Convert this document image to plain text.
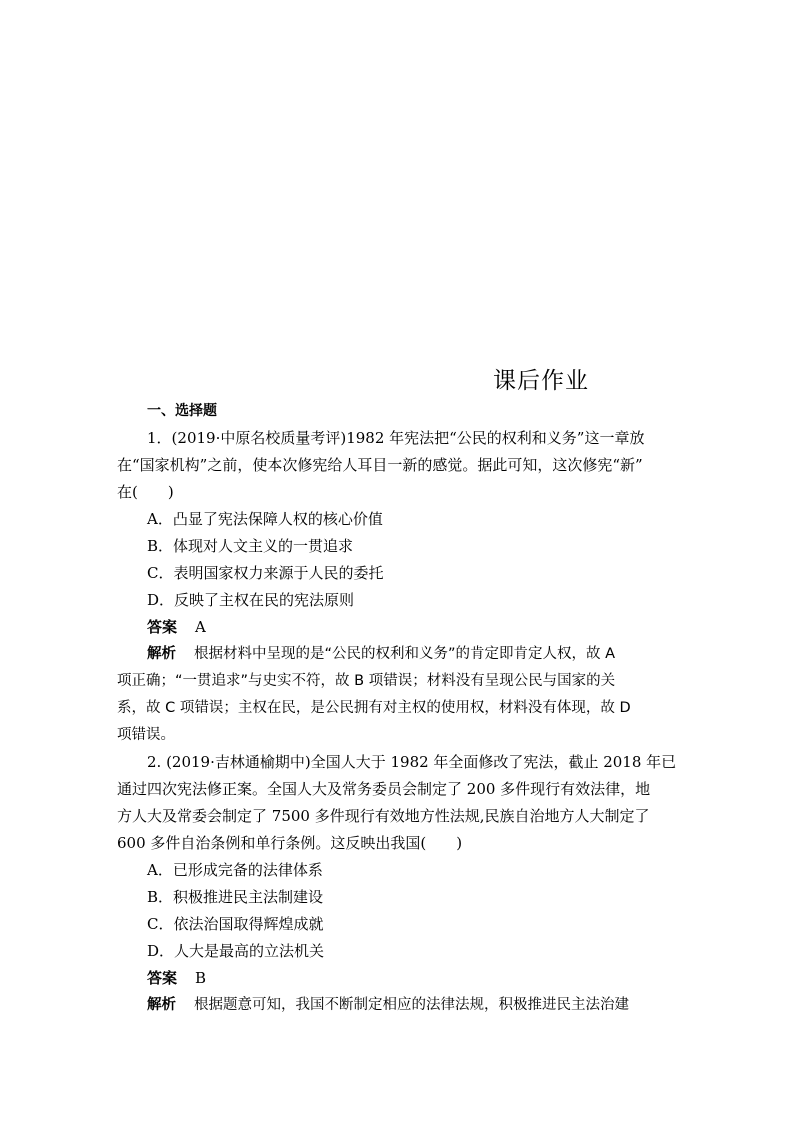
课后作业
一、选择题
1．(2019·中原名校质量考评)1982 年宪法把“公民的权利和义务”这一章放
在“国家机构”之前，使本次修宪给人耳目一新的感觉。据此可知，这次修宪“新”
在(　　)
A．凸显了宪法保障人权的核心价值
B．体现对人文主义的一贯追求
C．表明国家权力来源于人民的委托
D．反映了主权在民的宪法原则
答案 A
解析 根据材料中呈现的是“公民的权利和义务”的肯定即肯定人权，故 A
项正确；“一贯追求”与史实不符，故 B 项错误；材料没有呈现公民与国家的关
系，故 C 项错误；主权在民，是公民拥有对主权的使用权，材料没有体现，故 D
项错误。
2. (2019·吉林通榆期中)全国人大于 1982 年全面修改了宪法，截止 2018 年已
通过四次宪法修正案。全国人大及常务委员会制定了 200 多件现行有效法律，地
方人大及常委会制定了 7500 多件现行有效地方性法规,民族自治地方人大制定了
600 多件自治条例和单行条例。这反映出我国(　　)
A．已形成完备的法律体系
B．积极推进民主法制建设
C．依法治国取得辉煌成就
D．人大是最高的立法机关
答案 B
解析 根据题意可知，我国不断制定相应的法律法规，积极推进民主法治建
